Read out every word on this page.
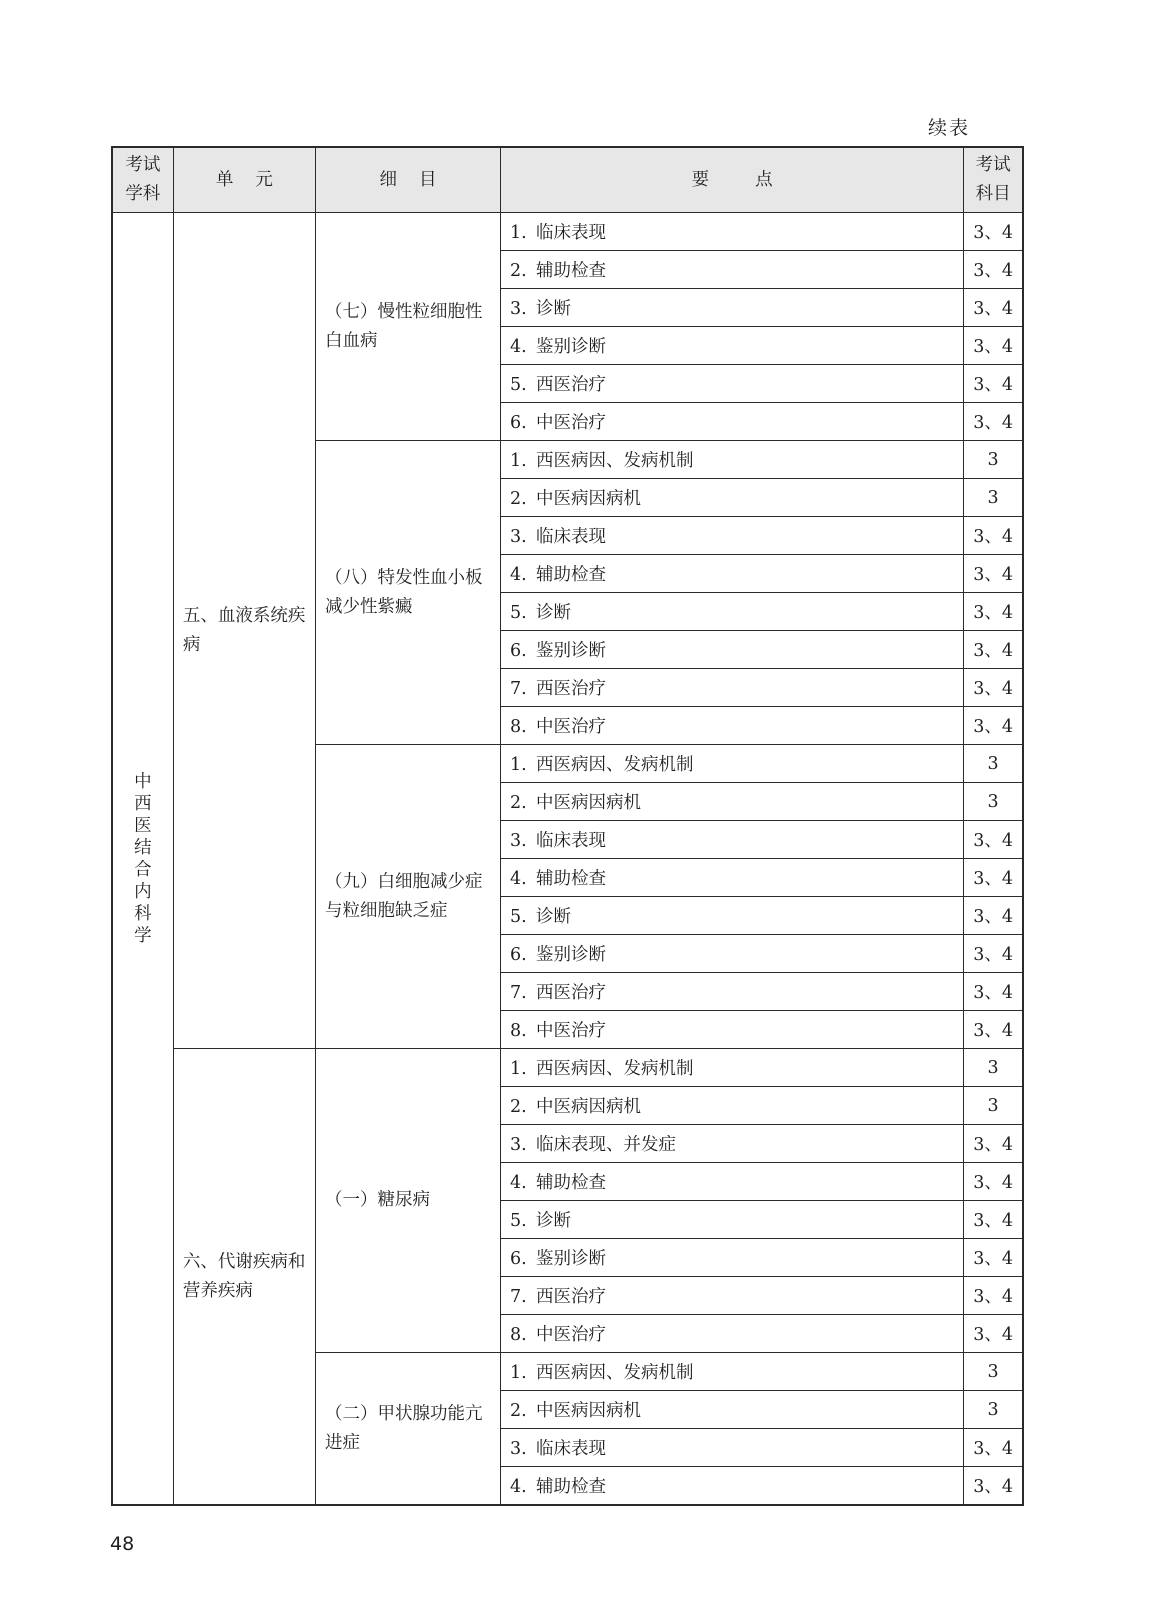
续表
考试
学科	单元	细目	要点	考试
科目
中西医结合内科学	五、血液系统疾病	（七）慢性粒细胞性白血病	1. 临床表现	3、4
			2. 辅助检查	3、4
			3. 诊断	3、4
			4. 鉴别诊断	3、4
			5. 西医治疗	3、4
			6. 中医治疗	3、4
		（八）特发性血小板减少性紫癜	1. 西医病因、发病机制	3
			2. 中医病因病机	3
			3. 临床表现	3、4
			4. 辅助检查	3、4
			5. 诊断	3、4
			6. 鉴别诊断	3、4
			7. 西医治疗	3、4
			8. 中医治疗	3、4
		（九）白细胞减少症与粒细胞缺乏症	1. 西医病因、发病机制	3
			2. 中医病因病机	3
			3. 临床表现	3、4
			4. 辅助检查	3、4
			5. 诊断	3、4
			6. 鉴别诊断	3、4
			7. 西医治疗	3、4
			8. 中医治疗	3、4
	六、代谢疾病和营养疾病	（一）糖尿病	1. 西医病因、发病机制	3
			2. 中医病因病机	3
			3. 临床表现、并发症	3、4
			4. 辅助检查	3、4
			5. 诊断	3、4
			6. 鉴别诊断	3、4
			7. 西医治疗	3、4
			8. 中医治疗	3、4
		（二）甲状腺功能亢进症	1. 西医病因、发病机制	3
			2. 中医病因病机	3
			3. 临床表现	3、4
			4. 辅助检查	3、4
48
